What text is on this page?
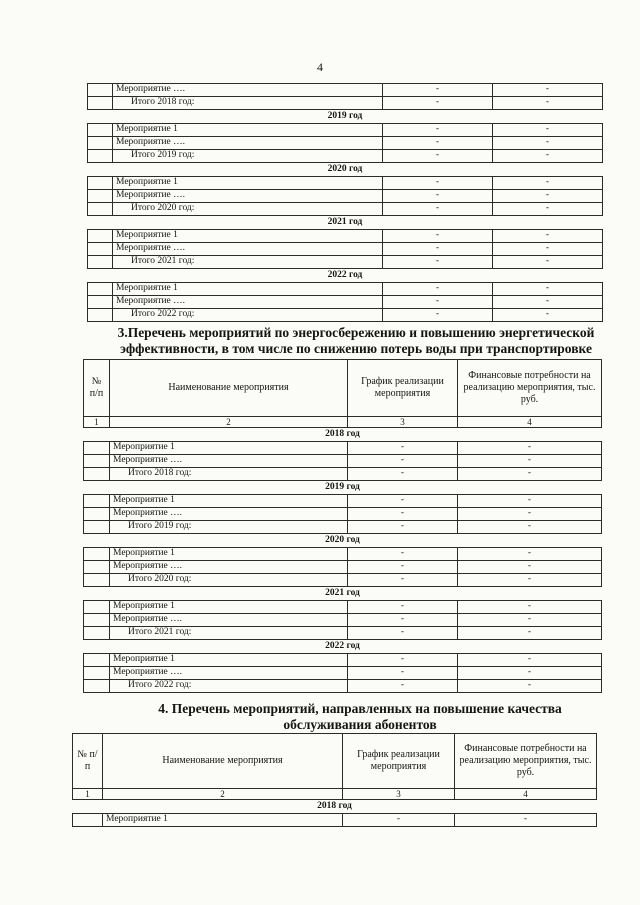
4
	Мероприятие ….	-	-
	Итого 2018 год:	-	-
2019 год			
	Мероприятие 1	-	-
	Мероприятие ….	-	-
	Итого 2019 год:	-	-
2020 год			
	Мероприятие 1	-	-
	Мероприятие ….	-	-
	Итого 2020 год:	-	-
2021 год			
	Мероприятие 1	-	-
	Мероприятие ….	-	-
	Итого 2021 год:	-	-
2022 год			
	Мероприятие 1	-	-
	Мероприятие ….	-	-
	Итого 2022 год:	-	-
3.Перечень мероприятий по энергосбережению и повышению энергетической эффективности, в том числе по снижению потерь воды при транспортировке
№ п/п	Наименование мероприятия	График реализации мероприятия	Финансовые потребности на реализацию мероприятия, тыс. руб.
1	2	3	4
2018 год			
	Мероприятие 1	-	-
	Мероприятие ….	-	-
	Итого 2018 год:	-	-
2019 год			
	Мероприятие 1	-	-
	Мероприятие ….	-	-
	Итого 2019 год:	-	-
2020 год			
	Мероприятие 1	-	-
	Мероприятие ….	-	-
	Итого 2020 год:	-	-
2021 год			
	Мероприятие 1	-	-
	Мероприятие ….	-	-
	Итого 2021 год:	-	-
2022 год			
	Мероприятие 1	-	-
	Мероприятие ….	-	-
	Итого 2022 год:	-	-
4. Перечень мероприятий, направленных на повышение качества обслуживания абонентов
№ п/п	Наименование мероприятия	График реализации мероприятия	Финансовые потребности на реализацию мероприятия, тыс. руб.
1	2	3	4
2018 год			
	Мероприятие 1	-	-
